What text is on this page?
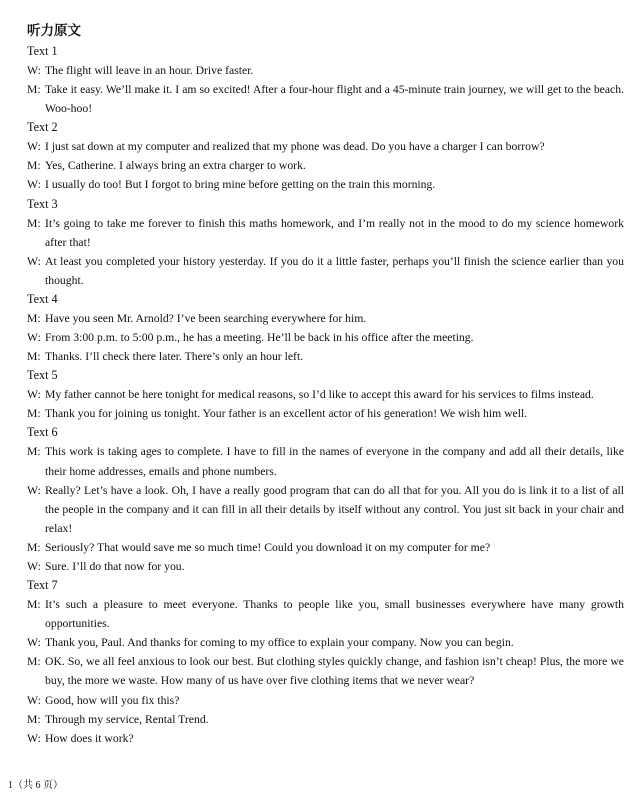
听力原文
Text 1

W: The flight will leave in an hour. Drive faster.

M: Take it easy. We’ll make it. I am so excited! After a four-hour flight and a 45-minute train journey, we will get to the beach. Woo-hoo!

Text 2

W: I just sat down at my computer and realized that my phone was dead. Do you have a charger I can borrow?

M: Yes, Catherine. I always bring an extra charger to work.

W: I usually do too! But I forgot to bring mine before getting on the train this morning.

Text 3

M: It’s going to take me forever to finish this maths homework, and I’m really not in the mood to do my science homework after that!

W: At least you completed your history yesterday. If you do it a little faster, perhaps you’ll finish the science earlier than you thought.

Text 4

M: Have you seen Mr. Arnold? I’ve been searching everywhere for him.

W: From 3:00 p.m. to 5:00 p.m., he has a meeting. He’ll be back in his office after the meeting.

M: Thanks. I’ll check there later. There’s only an hour left.

Text 5

W: My father cannot be here tonight for medical reasons, so I’d like to accept this award for his services to films instead.

M: Thank you for joining us tonight. Your father is an excellent actor of his generation! We wish him well.

Text 6

M: This work is taking ages to complete. I have to fill in the names of everyone in the company and add all their details, like their home addresses, emails and phone numbers.

W: Really? Let’s have a look. Oh, I have a really good program that can do all that for you. All you do is link it to a list of all the people in the company and it can fill in all their details by itself without any control. You just sit back in your chair and relax!

M: Seriously? That would save me so much time! Could you download it on my computer for me?

W: Sure. I’ll do that now for you.

Text 7

M: It’s such a pleasure to meet everyone. Thanks to people like you, small businesses everywhere have many growth opportunities.

W: Thank you, Paul. And thanks for coming to my office to explain your company. Now you can begin.

M: OK. So, we all feel anxious to look our best. But clothing styles quickly change, and fashion isn’t cheap! Plus, the more we buy, the more we waste. How many of us have over five clothing items that we never wear?

W: Good, how will you fix this?

M: Through my service, Rental Trend.

W: How does it work?

1（共 6 页）
